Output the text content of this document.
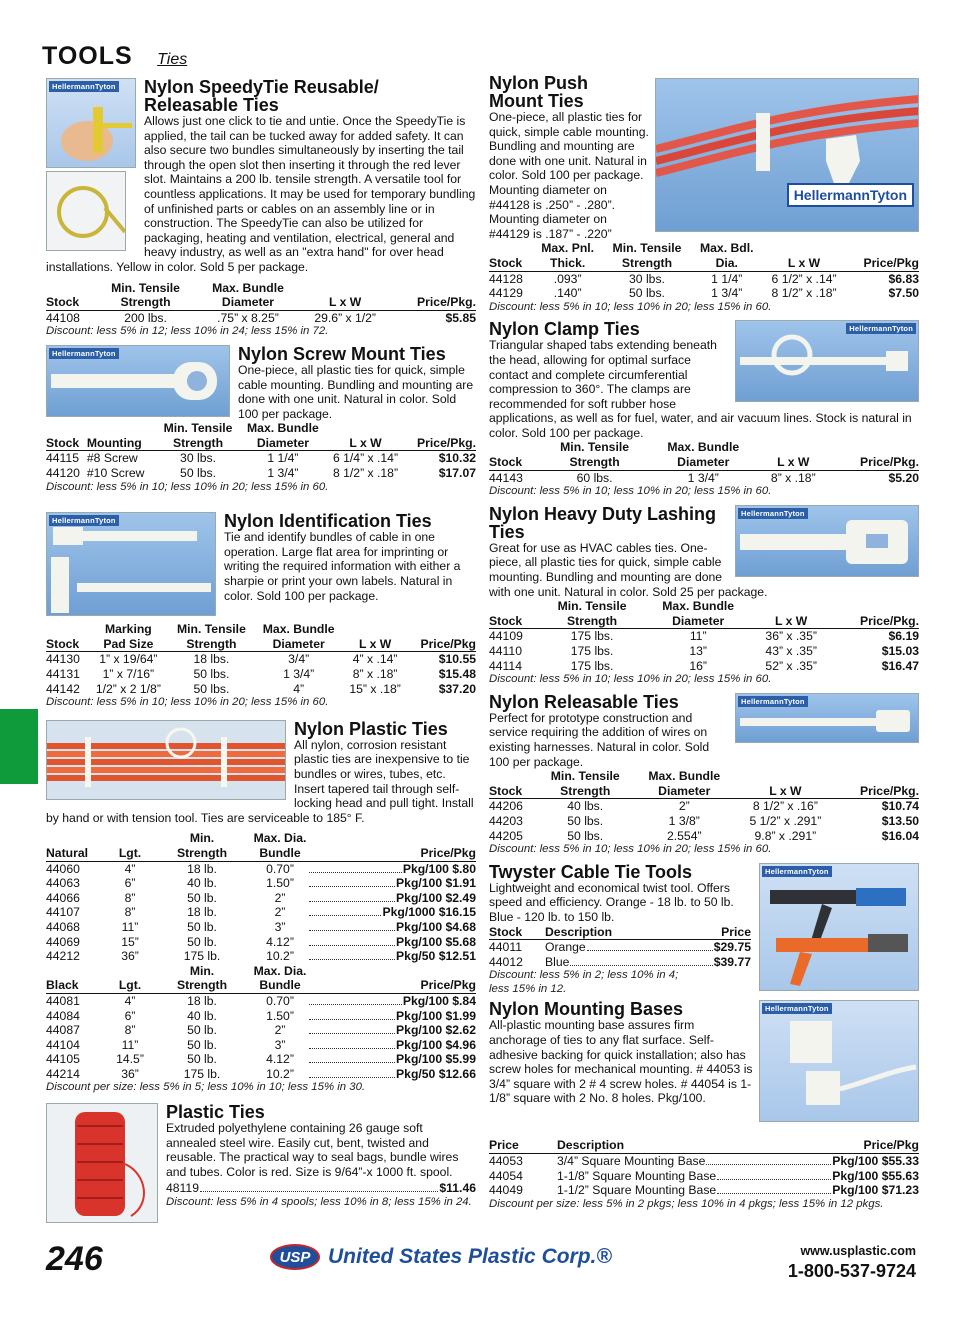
TOOLS Ties
HellermannTyton	Nylon SpeedyTie Reusable/
Releasable Ties
Allows just one click to tie and untie. Once the SpeedyTie is applied, the tail can be tucked away for added safety. It can also secure two bundles simultaneously by inserting the tail through the open slot then inserting it through the red lever slot. Maintains a 200 lb. tensile strength. A versatile tool for countless applications. It may be used for temporary bundling of unfinished parts or cables on an assembly line or in construction. The SpeedyTie can also be utilized for packaging, heating and ventilation, electrical, general and heavy industry, as well as an "extra hand" for over head installations. Yellow in color. Sold 5 per package.
	Min. Tensile	Max. Bundle		
Stock	Strength	Diameter	L x W	Price/Pkg.
44108	200 lbs.	.75” x 8.25”	29.6” x 1/2”	$5.85
Discount: less 5% in 12; less 10% in 24; less 15% in 72.
HellermannTyton	Nylon Screw Mount Ties
One-piece, all plastic ties for quick, simple cable mounting. Bundling and mounting are done with one unit. Natural in color. Sold 100 per package.
		Min. Tensile	Max. Bundle		
Stock	Mounting	Strength	Diameter	L x W	Price/Pkg.
44115	#8 Screw	30 lbs.	1 1/4”	6 1/4” x .14”	$10.32
44120	#10 Screw	50 lbs.	1 3/4”	8 1/2” x .18”	$17.07
Discount: less 5% in 10; less 10% in 20; less 15% in 60.
HellermannTyton	Nylon Identification Ties
Tie and identify bundles of cable in one operation. Large flat area for imprinting or writing the required information with either a sharpie or print your own labels. Natural in color. Sold 100 per package.
	Marking	Min. Tensile	Max. Bundle		
Stock	Pad Size	Strength	Diameter	L x W	Price/Pkg
44130	1” x 19/64”	18 lbs.	3/4”	4” x .14”	$10.55
44131	1” x 7/16”	50 lbs.	1 3/4”	8” x .18”	$15.48
44142	1/2” x 2 1/8”	50 lbs.	4”	15” x .18”	$37.20
Discount: less 5% in 10; less 10% in 20; less 15% in 60.
Nylon Plastic Ties
All nylon, corrosion resistant plastic ties are inexpensive to tie bundles or wires, tubes, etc. Insert tapered tail through self-locking head and pull tight. Install by hand or with tension tool. Ties are serviceable to 185° F.
		Min.	Max. Dia.	
Natural	Lgt.	Strength	Bundle	Price/Pkg
44060	4”	18 lb.	0.70”	Pkg/100 $.80
44063	6”	40 lb.	1.50”	Pkg/100 $1.91
44066	8”	50 lb.	2”	Pkg/100 $2.49
44107	8”	18 lb.	2”	Pkg/1000 $16.15
44068	11”	50 lb.	3”	Pkg/100 $4.68
44069	15”	50 lb.	4.12”	Pkg/100 $5.68
44212	36”	175 lb.	10.2”	Pkg/50 $12.51
		Min.	Max. Dia.	
Black	Lgt.	Strength	Bundle	Price/Pkg
44081	4”	18 lb.	0.70”	Pkg/100 $.84
44084	6”	40 lb.	1.50”	Pkg/100 $1.99
44087	8”	50 lb.	2”	Pkg/100 $2.62
44104	11”	50 lb.	3”	Pkg/100 $4.96
44105	14.5”	50 lb.	4.12”	Pkg/100 $5.99
44214	36”	175 lb.	10.2”	Pkg/50 $12.66
Discount per size: less 5% in 5; less 10% in 10; less 15% in 30.
Plastic Ties
Extruded polyethylene containing 26 gauge soft annealed steel wire. Easily cut, bent, twisted and reusable. The practical way to seal bags, bundle wires and tubes. Color is red. Size is 9/64”-x 1000 ft. spool.
48119	$11.46
Discount: less 5% in 4 spools; less 10% in 8; less 15% in 24.
HellermannTyton
Nylon Push
Mount Ties
One-piece, all plastic ties for quick, simple cable mounting. Bundling and mounting are done with one unit. Natural in color. Sold 100 per package. Mounting diameter on #44128 is .250” - .280”. Mounting diameter on #44129 is .187” - .220”
	Max. Pnl.	Min. Tensile	Max. Bdl.		
Stock	Thick.	Strength	Dia.	L x W	Price/Pkg
44128	.093”	30 lbs.	1 1/4”	6 1/2” x .14”	$6.83
44129	.140”	50 lbs.	1 3/4”	8 1/2” x .18”	$7.50
Discount: less 5% in 10; less 10% in 20; less 15% in 60.
HellermannTyton
Nylon Clamp Ties
Triangular shaped tabs extending beneath the head, allowing for optimal surface contact and complete circumferential compression to 360°. The clamps are recommended for soft rubber hose applications, as well as for fuel, water, and air vacuum lines. Stock is natural in color. Sold 100 per package.
	Min. Tensile	Max. Bundle		
Stock	Strength	Diameter	L x W	Price/Pkg.
44143	60 lbs.	1 3/4”	8” x .18”	$5.20
Discount: less 5% in 10; less 10% in 20; less 15% in 60.
HellermannTyton
Nylon Heavy Duty Lashing
Ties
Great for use as HVAC cables ties. One-piece, all plastic ties for quick, simple cable mounting. Bundling and mounting are done with one unit. Natural in color. Sold 25 per package.
	Min. Tensile	Max. Bundle		
Stock	Strength	Diameter	L x W	Price/Pkg.
44109	175 lbs.	11”	36” x .35”	$6.19
44110	175 lbs.	13”	43” x .35”	$15.03
44114	175 lbs.	16”	52” x .35”	$16.47
Discount: less 5% in 10; less 10% in 20; less 15% in 60.
HellermannTyton
Nylon Releasable Ties
Perfect for prototype construction and service requiring the addition of wires on existing harnesses. Natural in color. Sold 100 per package.
	Min. Tensile	Max. Bundle		
Stock	Strength	Diameter	L x W	Price/Pkg.
44206	40 lbs.	2”	8 1/2” x .16”	$10.74
44203	50 lbs.	1 3/8”	5 1/2” x .291”	$13.50
44205	50 lbs.	2.554”	9.8” x .291”	$16.04
Discount: less 5% in 10; less 10% in 20; less 15% in 60.
HellermannTyton
Twyster Cable Tie Tools
Lightweight and economical twist tool. Offers speed and efficiency. Orange - 18 lb. to 50 lb. Blue - 120 lb. to 150 lb.
Stock	Description	Price
44011	Orange	$29.75
44012	Blue	$39.77
Discount: less 5% in 2; less 10% in 4; less 15% in 12.
HellermannTyton
Nylon Mounting Bases
All-plastic mounting base assures firm anchorage of ties to any flat surface. Self-adhesive backing for quick installation; also has screw holes for mechanical mounting. # 44053 is 3/4” square with 2 # 4 screw holes. # 44054 is 1-1/8” square with 2 No. 8 holes. Pkg/100.
Price	Description	Price/Pkg
44053	3/4” Square Mounting Base	Pkg/100 $55.33
44054	1-1/8” Square Mounting Base	Pkg/100 $55.63
44049	1-1/2” Square Mounting Base	Pkg/100 $71.23
Discount per size: less 5% in 2 pkgs; less 10% in 4 pkgs; less 15% in 12 pkgs.
246	USP United States Plastic Corp.®	www.usplastic.com
1-800-537-9724
